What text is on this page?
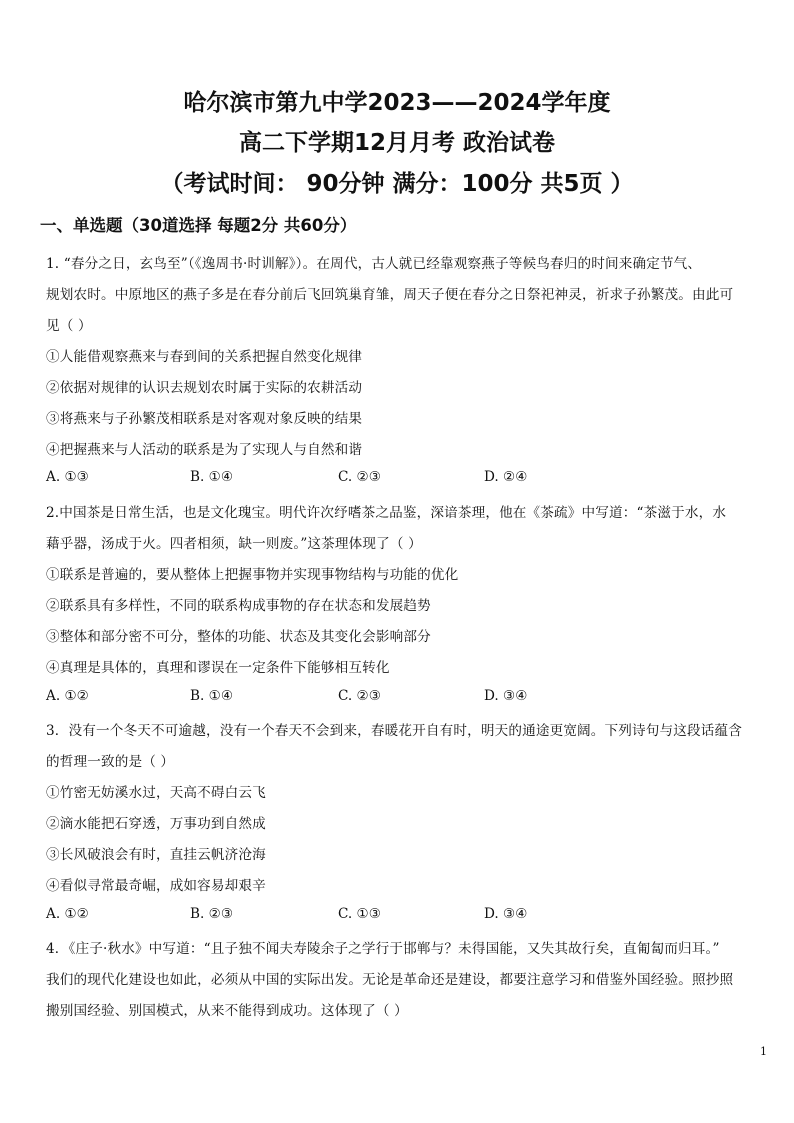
哈尔滨市第九中学2023——2024学年度
高二下学期12月月考 政治试卷
（考试时间： 90分钟 满分：100分 共5页 ）
一、单选题（30道选择 每题2分 共60分）
1. “春分之日，玄鸟至”（《逸周书·时训解》）。在周代，古人就已经靠观察燕子等候鸟春归的时间来确定节气、
规划农时。中原地区的燕子多是在春分前后飞回筑巢育雏，周天子便在春分之日祭祀神灵，祈求子孙繁茂。由此可
见（ ）
①人能借观察燕来与春到间的关系把握自然变化规律
②依据对规律的认识去规划农时属于实际的农耕活动
③将燕来与子孙繁茂相联系是对客观对象反映的结果
④把握燕来与人活动的联系是为了实现人与自然和谐
A. ①③	B. ①④	C. ②③	D. ②④
2.中国茶是日常生活，也是文化瑰宝。明代许次纾嗜茶之品鉴，深谙茶理，他在《茶疏》中写道：“茶滋于水，水
藉乎器，汤成于火。四者相须，缺一则废。”这茶理体现了（ ）
①联系是普遍的，要从整体上把握事物并实现事物结构与功能的优化
②联系具有多样性，不同的联系构成事物的存在状态和发展趋势
③整体和部分密不可分，整体的功能、状态及其变化会影响部分
④真理是具体的，真理和谬误在一定条件下能够相互转化
A. ①②	B. ①④	C. ②③	D. ③④
3．没有一个冬天不可逾越，没有一个春天不会到来，春暖花开自有时，明天的通途更宽阔。下列诗句与这段话蕴含
的哲理一致的是（ ）
①竹密无妨溪水过，天高不碍白云飞
②滴水能把石穿透，万事功到自然成
③长风破浪会有时，直挂云帆济沧海
④看似寻常最奇崛，成如容易却艰辛
A. ①②	B. ②③	C. ①③	D. ③④
4．《庄子·秋水》中写道：“且子独不闻夫寿陵余子之学行于邯郸与？未得国能，又失其故行矣，直匍匐而归耳。”
我们的现代化建设也如此，必须从中国的实际出发。无论是革命还是建设，都要注意学习和借鉴外国经验。照抄照
搬别国经验、别国模式，从来不能得到成功。这体现了（ ）
1
